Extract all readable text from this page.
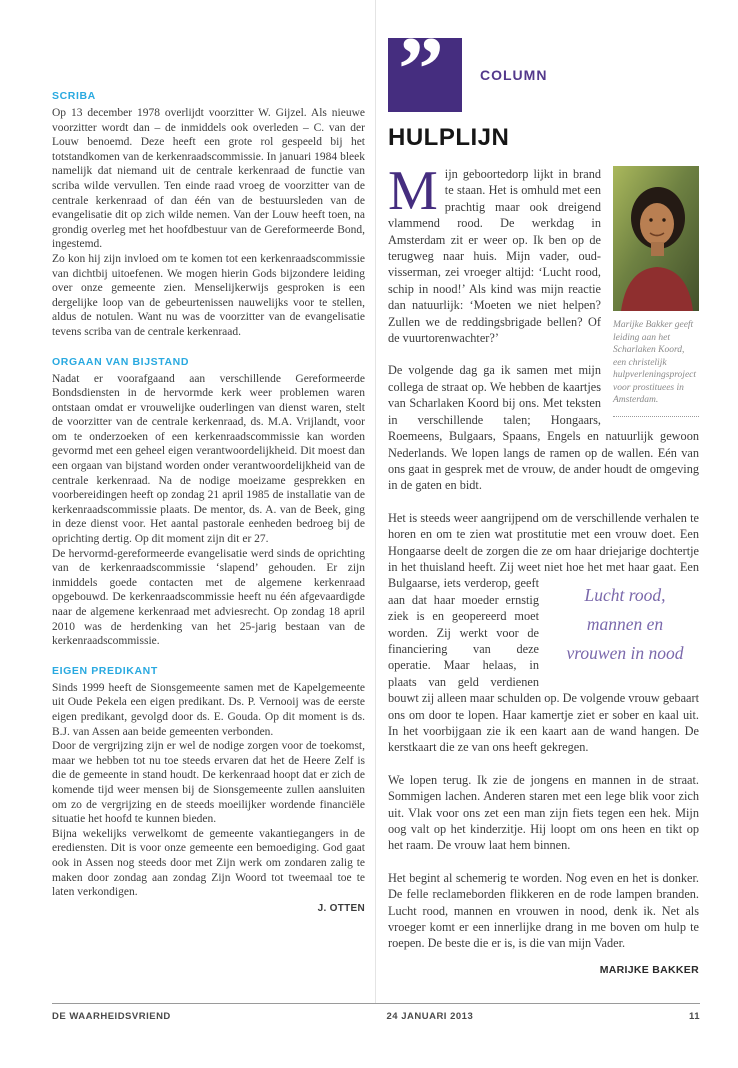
SCRIBA

Op 13 december 1978 overlijdt voorzitter W. Gijzel. Als nieuwe voorzitter wordt dan – de inmiddels ook overleden – C. van der Louw benoemd. Deze heeft een grote rol gespeeld bij het totstandkomen van de kerkenraadscommissie. In januari 1984 bleek namelijk dat niemand uit de centrale kerkenraad de functie van scriba wilde vervullen. Ten einde raad vroeg de voorzitter van de centrale kerkenraad of dan één van de bestuursleden van de evangelisatie dit op zich wilde nemen. Van der Louw heeft toen, na grondig overleg met het hoofdbestuur van de Gereformeerde Bond, ingestemd.

Zo kon hij zijn invloed om te komen tot een kerkenraadscommissie van dichtbij uitoefenen. We mogen hierin Gods bijzondere leiding over onze gemeente zien. Menselijkerwijs gesproken is een dergelijke loop van de gebeurtenissen nauwelijks voor te stellen, aldus de notulen. Want nu was de voorzitter van de evangelisatie tevens scriba van de centrale kerkenraad.

ORGAAN VAN BIJSTAND

Nadat er voorafgaand aan verschillende Gereformeerde Bondsdiensten in de hervormde kerk weer problemen waren ontstaan omdat er vrouwelijke ouderlingen van dienst waren, stelt de voorzitter van de centrale kerkenraad, ds. M.A. Vrijlandt, voor om te onderzoeken of een kerkenraadscommissie kan worden gevormd met een geheel eigen verantwoordelijkheid. Dit moest dan een orgaan van bijstand worden onder verantwoordelijkheid van de centrale kerkenraad. Na de nodige moeizame gesprekken en voorbereidingen heeft op zondag 21 april 1985 de installatie van de kerkenraadscommissie plaats. De mentor, ds. A. van de Beek, ging in deze dienst voor. Het aantal pastorale eenheden bedroeg bij de oprichting dertig. Op dit moment zijn dit er 27.

De hervormd-gereformeerde evangelisatie werd sinds de oprichting van de kerkenraadscommissie ‘slapend’ gehouden. Er zijn inmiddels goede contacten met de algemene kerkenraad opgebouwd. De kerkenraadscommissie heeft nu één afgevaardigde naar de algemene kerkenraad met adviesrecht. Op zondag 18 april 2010 was de herdenking van het 25-jarig bestaan van de kerkenraadscommissie.

EIGEN PREDIKANT

Sinds 1999 heeft de Sionsgemeente samen met de Kapelgemeente uit Oude Pekela een eigen predikant. Ds. P. Vernooij was de eerste eigen predikant, gevolgd door ds. E. Gouda. Op dit moment is ds. B.J. van Assen aan beide gemeenten verbonden.

Door de vergrijzing zijn er wel de nodige zorgen voor de toekomst, maar we hebben tot nu toe steeds ervaren dat het de Heere Zelf is die de gemeente in stand houdt. De kerkenraad hoopt dat er zich de komende tijd weer mensen bij de Sionsgemeente zullen aansluiten om zo de vergrijzing en de steeds moeilijker wordende financiële situatie het hoofd te kunnen bieden.

Bijna wekelijks verwelkomt de gemeente vakantiegangers in de erediensten. Dit is voor onze gemeente een bemoediging. God gaat ook in Assen nog steeds door met Zijn werk om zondaren zalig te maken door zondag aan zondag Zijn Woord tot tweemaal toe te laten verkondigen.

J. OTTEN
”	COLUMN
HULPLIJN
Marijke Bakker geeft leiding aan het Scharlaken Koord, een christelijk hulpverleningsproject voor prostituees in Amsterdam.

Mijn geboortedorp lijkt in brand te staan. Het is omhuld met een prachtig maar ook dreigend vlammend rood. De werkdag in Amsterdam zit er weer op. Ik ben op de terugweg naar huis. Mijn vader, oud-visserman, zei vroeger altijd: ‘Lucht rood, schip in nood!’ Als kind was mijn reactie dan natuurlijk: ‘Moeten we niet helpen? Zullen we de reddingsbrigade bellen? Of de vuurtorenwachter?’

De volgende dag ga ik samen met mijn collega de straat op. We hebben de kaartjes van Scharlaken Koord bij ons. Met teksten in verschillende talen; Hongaars, Roemeens, Bulgaars, Spaans, Engels en natuurlijk gewoon Nederlands. We lopen langs de ramen op de wallen. Eén van ons gaat in gesprek met de vrouw, de ander houdt de omgeving in de gaten en bidt.

Het is steeds weer aangrijpend om de verschillende verhalen te horen en om te zien wat prostitutie met een vrouw doet. Een Hongaarse deelt de zorgen die ze om haar driejarige dochtertje in het thuisland heeft. Zij weet niet hoe het
Lucht rood,
mannen en
vrouwen in nood
met haar gaat. Een Bulgaarse, iets verderop, geeft aan dat haar moeder ernstig ziek is en geopereerd moet worden. Zij werkt voor de financiering van deze operatie. Maar helaas, in plaats van geld verdienen bouwt zij alleen maar schulden op. De volgende vrouw gebaart ons om door te lopen. Haar kamertje ziet er sober en kaal uit. In het voorbijgaan zie ik een kaart aan de wand hangen. De kerstkaart die ze van ons heeft gekregen.

We lopen terug. Ik zie de jongens en mannen in de straat. Sommigen lachen. Anderen staren met een lege blik voor zich uit. Vlak voor ons zet een man zijn fiets tegen een hek. Mijn oog valt op het kinderzitje. Hij loopt om ons heen en tikt op het raam. De vrouw laat hem binnen.

Het begint al schemerig te worden. Nog even en het is donker. De felle reclameborden flikkeren en de rode lampen branden. Lucht rood, mannen en vrouwen in nood, denk ik. Net als vroeger komt er een innerlijke drang in me boven om hulp te roepen. De beste die er is, is die van mijn Vader.

MARIJKE BAKKER
DE WAARHEIDSVRIEND	24 JANUARI 2013	11
